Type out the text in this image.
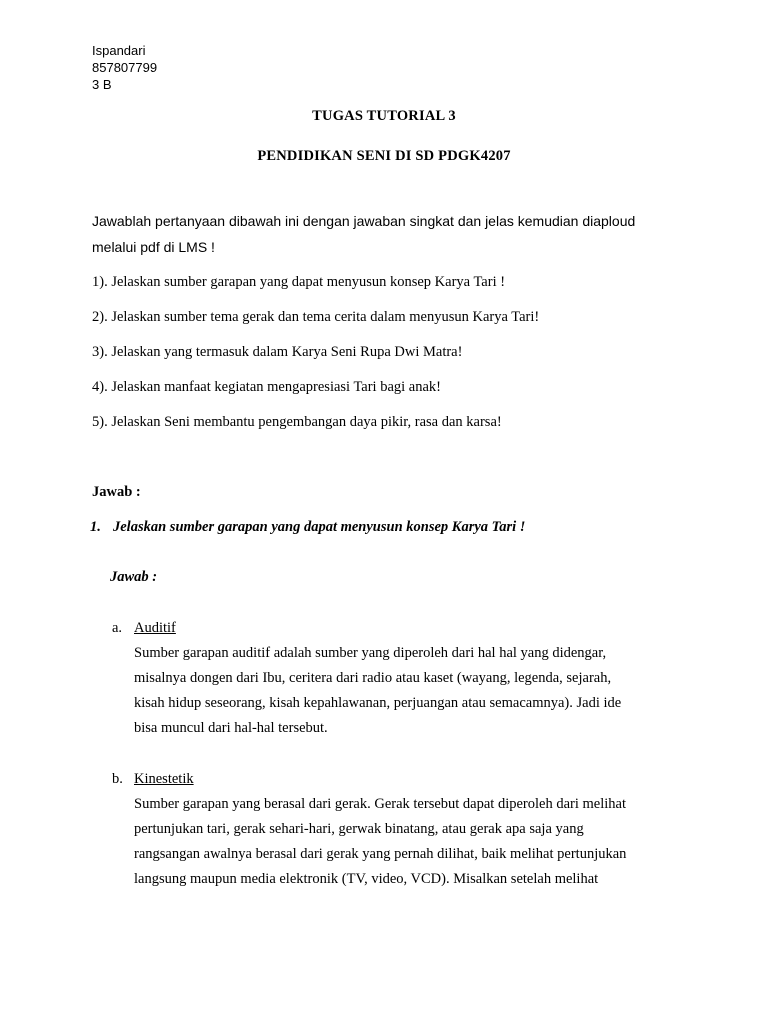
Ispandari
857807799
3 B
TUGAS TUTORIAL 3
PENDIDIKAN SENI DI SD PDGK4207
Jawablah pertanyaan dibawah ini dengan jawaban singkat dan jelas kemudian diaploud
melalui pdf di LMS !
1). Jelaskan sumber garapan yang dapat menyusun konsep Karya Tari !
2). Jelaskan sumber tema gerak dan tema cerita dalam menyusun Karya Tari!
3). Jelaskan yang termasuk dalam Karya Seni Rupa Dwi Matra!
4). Jelaskan manfaat kegiatan mengapresiasi Tari bagi anak!
5). Jelaskan Seni membantu pengembangan daya pikir, rasa dan karsa!
Jawab :
1. Jelaskan sumber garapan yang dapat menyusun konsep Karya Tari !
Jawab :
a. Auditif
Sumber garapan auditif adalah sumber yang diperoleh dari hal hal yang didengar,
misalnya dongen dari Ibu, ceritera dari radio atau kaset (wayang, legenda, sejarah,
kisah hidup seseorang, kisah kepahlawanan, perjuangan atau semacamnya). Jadi ide
bisa muncul dari hal-hal tersebut.
b. Kinestetik
Sumber garapan yang berasal dari gerak. Gerak tersebut dapat diperoleh dari melihat
pertunjukan tari, gerak sehari-hari, gerwak binatang, atau gerak apa saja yang
rangsangan awalnya berasal dari gerak yang pernah dilihat, baik melihat pertunjukan
langsung maupun media elektronik (TV, video, VCD). Misalkan setelah melihat
